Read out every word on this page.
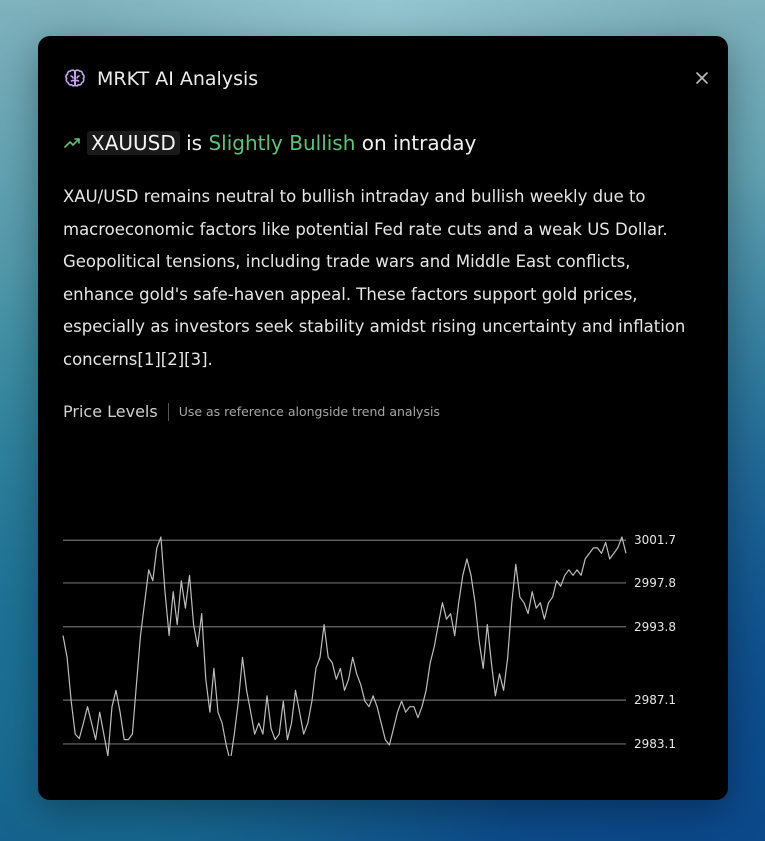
MRKT AI Analysis
XAUUSD
is
Slightly Bullish
on intraday
XAU/USD remains neutral to bullish intraday and bullish weekly due to macroeconomic factors like potential Fed rate cuts and a weak US Dollar. Geopolitical tensions, including trade wars and Middle East conflicts, enhance gold's safe-haven appeal. These factors support gold prices, especially as investors seek stability amidst rising uncertainty and inflation concerns[1][2][3].
Price Levels Use as reference alongside trend analysis
3001.7
2997.8
2993.8
2987.1
2983.1
